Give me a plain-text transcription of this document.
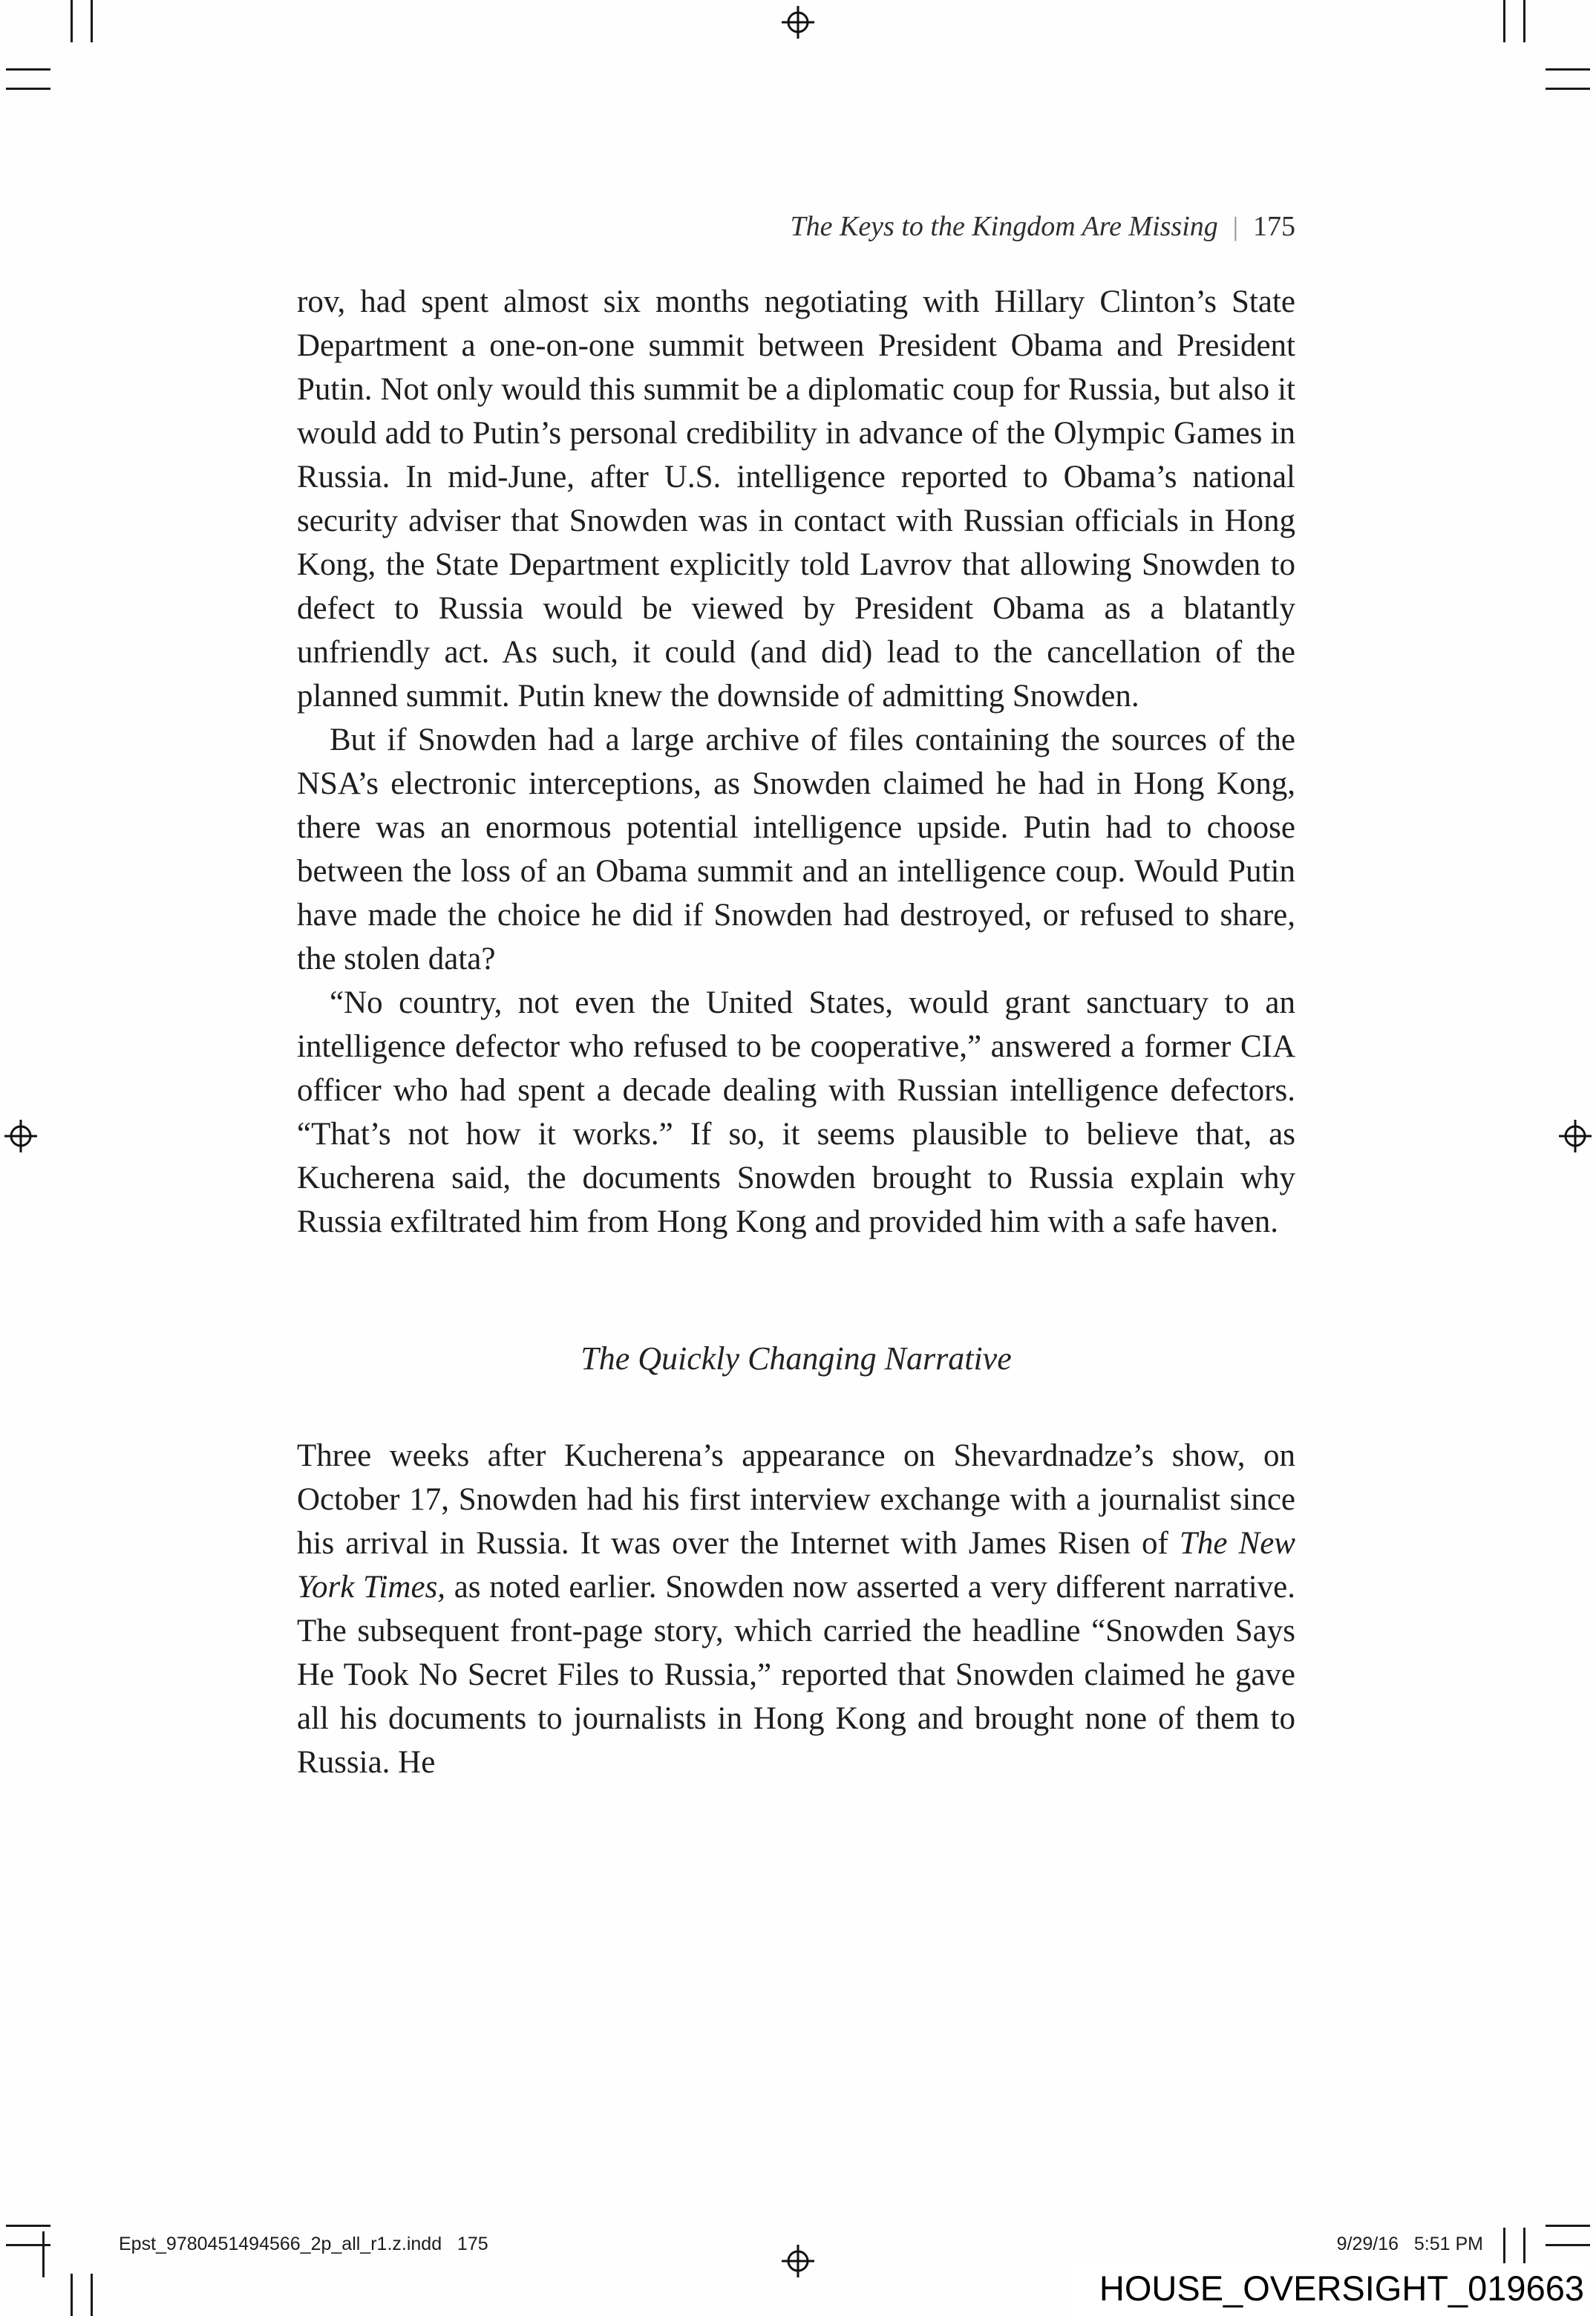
The Keys to the Kingdom Are Missing | 175

rov, had spent almost six months negotiating with Hillary Clinton’s State Department a one-on-one summit between President Obama and President Putin. Not only would this summit be a diplomatic coup for Russia, but also it would add to Putin’s personal credibility in advance of the Olympic Games in Russia. In mid-June, after U.S. intelligence reported to Obama’s national security adviser that Snowden was in contact with Russian officials in Hong Kong, the State Department explicitly told Lavrov that allowing Snowden to defect to Russia would be viewed by President Obama as a blatantly unfriendly act. As such, it could (and did) lead to the cancellation of the planned summit. Putin knew the downside of admitting Snowden.

But if Snowden had a large archive of files containing the sources of the NSA’s electronic interceptions, as Snowden claimed he had in Hong Kong, there was an enormous potential intelligence upside. Putin had to choose between the loss of an Obama summit and an intelligence coup. Would Putin have made the choice he did if Snowden had destroyed, or refused to share, the stolen data?

“No country, not even the United States, would grant sanctuary to an intelligence defector who refused to be cooperative,” answered a former CIA officer who had spent a decade dealing with Russian intelligence defectors. “That’s not how it works.” If so, it seems plausible to believe that, as Kucherena said, the documents Snowden brought to Russia explain why Russia exfiltrated him from Hong Kong and provided him with a safe haven.

The Quickly Changing Narrative

Three weeks after Kucherena’s appearance on Shevardnadze’s show, on October 17, Snowden had his first interview exchange with a journalist since his arrival in Russia. It was over the Internet with James Risen of The New York Times, as noted earlier. Snowden now asserted a very different narrative. The subsequent front-page story, which carried the headline “Snowden Says He Took No Secret Files to Russia,” reported that Snowden claimed he gave all his documents to journalists in Hong Kong and brought none of them to Russia. He

Epst_9780451494566_2p_all_r1.z.indd   175	9/29/16   5:51 PM
HOUSE_OVERSIGHT_019663
